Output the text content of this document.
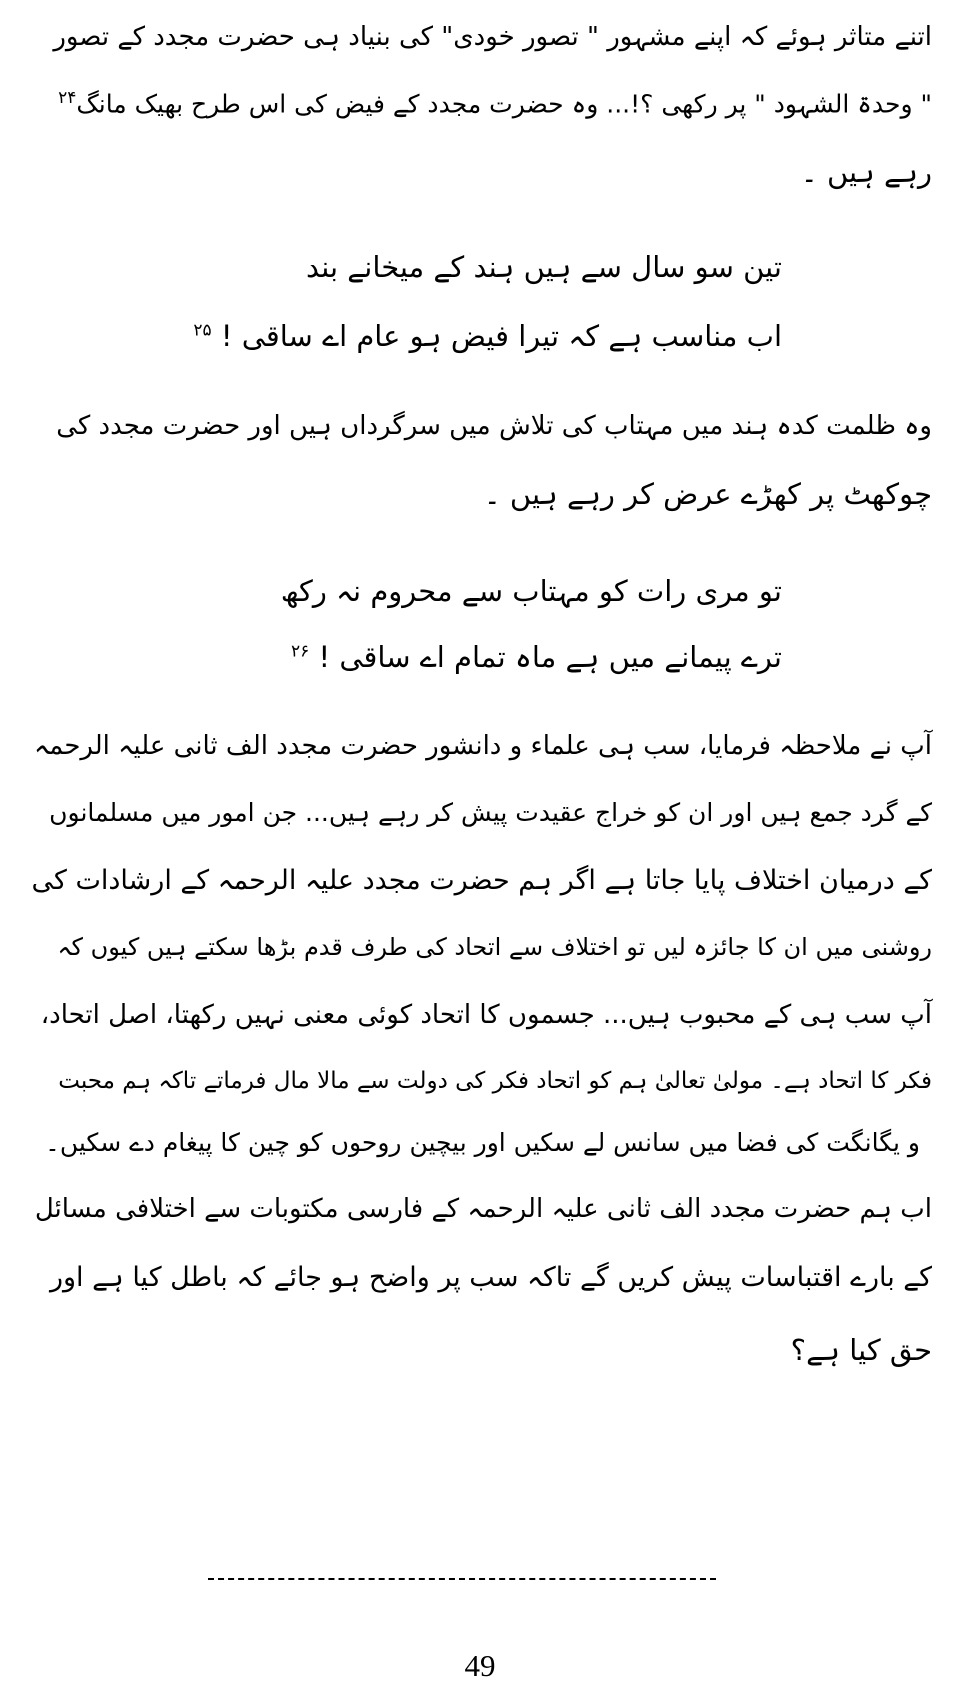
اتنے متاثر ہوئے کہ اپنے مشہور " تصور خودی" کی بنیاد ہی حضرت مجدد کے تصور
" وحدۃ الشہود " پر رکھی ؟!... وہ حضرت مجدد کے فیض کی اس طرح بھیک مانگ$^{۲۴}$
رہے ہیں ۔
تین سو سال سے ہیں ہند کے میخانے بند
اب مناسب ہے کہ تیرا فیض ہو عام اے ساقی ! $^{۲۵}$
وہ ظلمت کدہ ہند میں مہتاب کی تلاش میں سرگرداں ہیں اور حضرت مجدد کی
چوکھٹ پر کھڑے عرض کر رہے ہیں ۔
تو مری رات کو مہتاب سے محروم نہ رکھ
ترے پیمانے میں ہے ماہ تمام اے ساقی ! $^{۲۶}$
آپ نے ملاحظہ فرمایا، سب ہی علماء و دانشور حضرت مجدد الف ثانی علیہ الرحمہ
کے گرد جمع ہیں اور ان کو خراج عقیدت پیش کر رہے ہیں... جن امور میں مسلمانوں
کے درمیان اختلاف پایا جاتا ہے اگر ہم حضرت مجدد علیہ الرحمہ کے ارشادات کی
روشنی میں ان کا جائزہ لیں تو اختلاف سے اتحاد کی طرف قدم بڑھا سکتے ہیں کیوں کہ
آپ سب ہی کے محبوب ہیں... جسموں کا اتحاد کوئی معنی نہیں رکھتا، اصل اتحاد،
فکر کا اتحاد ہے۔ مولیٰ تعالیٰ ہم کو اتحاد فکر کی دولت سے مالا مال فرماتے تاکہ ہم محبت
و یگانگت کی فضا میں سانس لے سکیں اور بیچین روحوں کو چین کا پیغام دے سکیں۔
اب ہم حضرت مجدد الف ثانی علیہ الرحمہ کے فارسی مکتوبات سے اختلافی مسائل
کے بارے اقتباسات پیش کریں گے تاکہ سب پر واضح ہو جائے کہ باطل کیا ہے اور
حق کیا ہے؟
49
